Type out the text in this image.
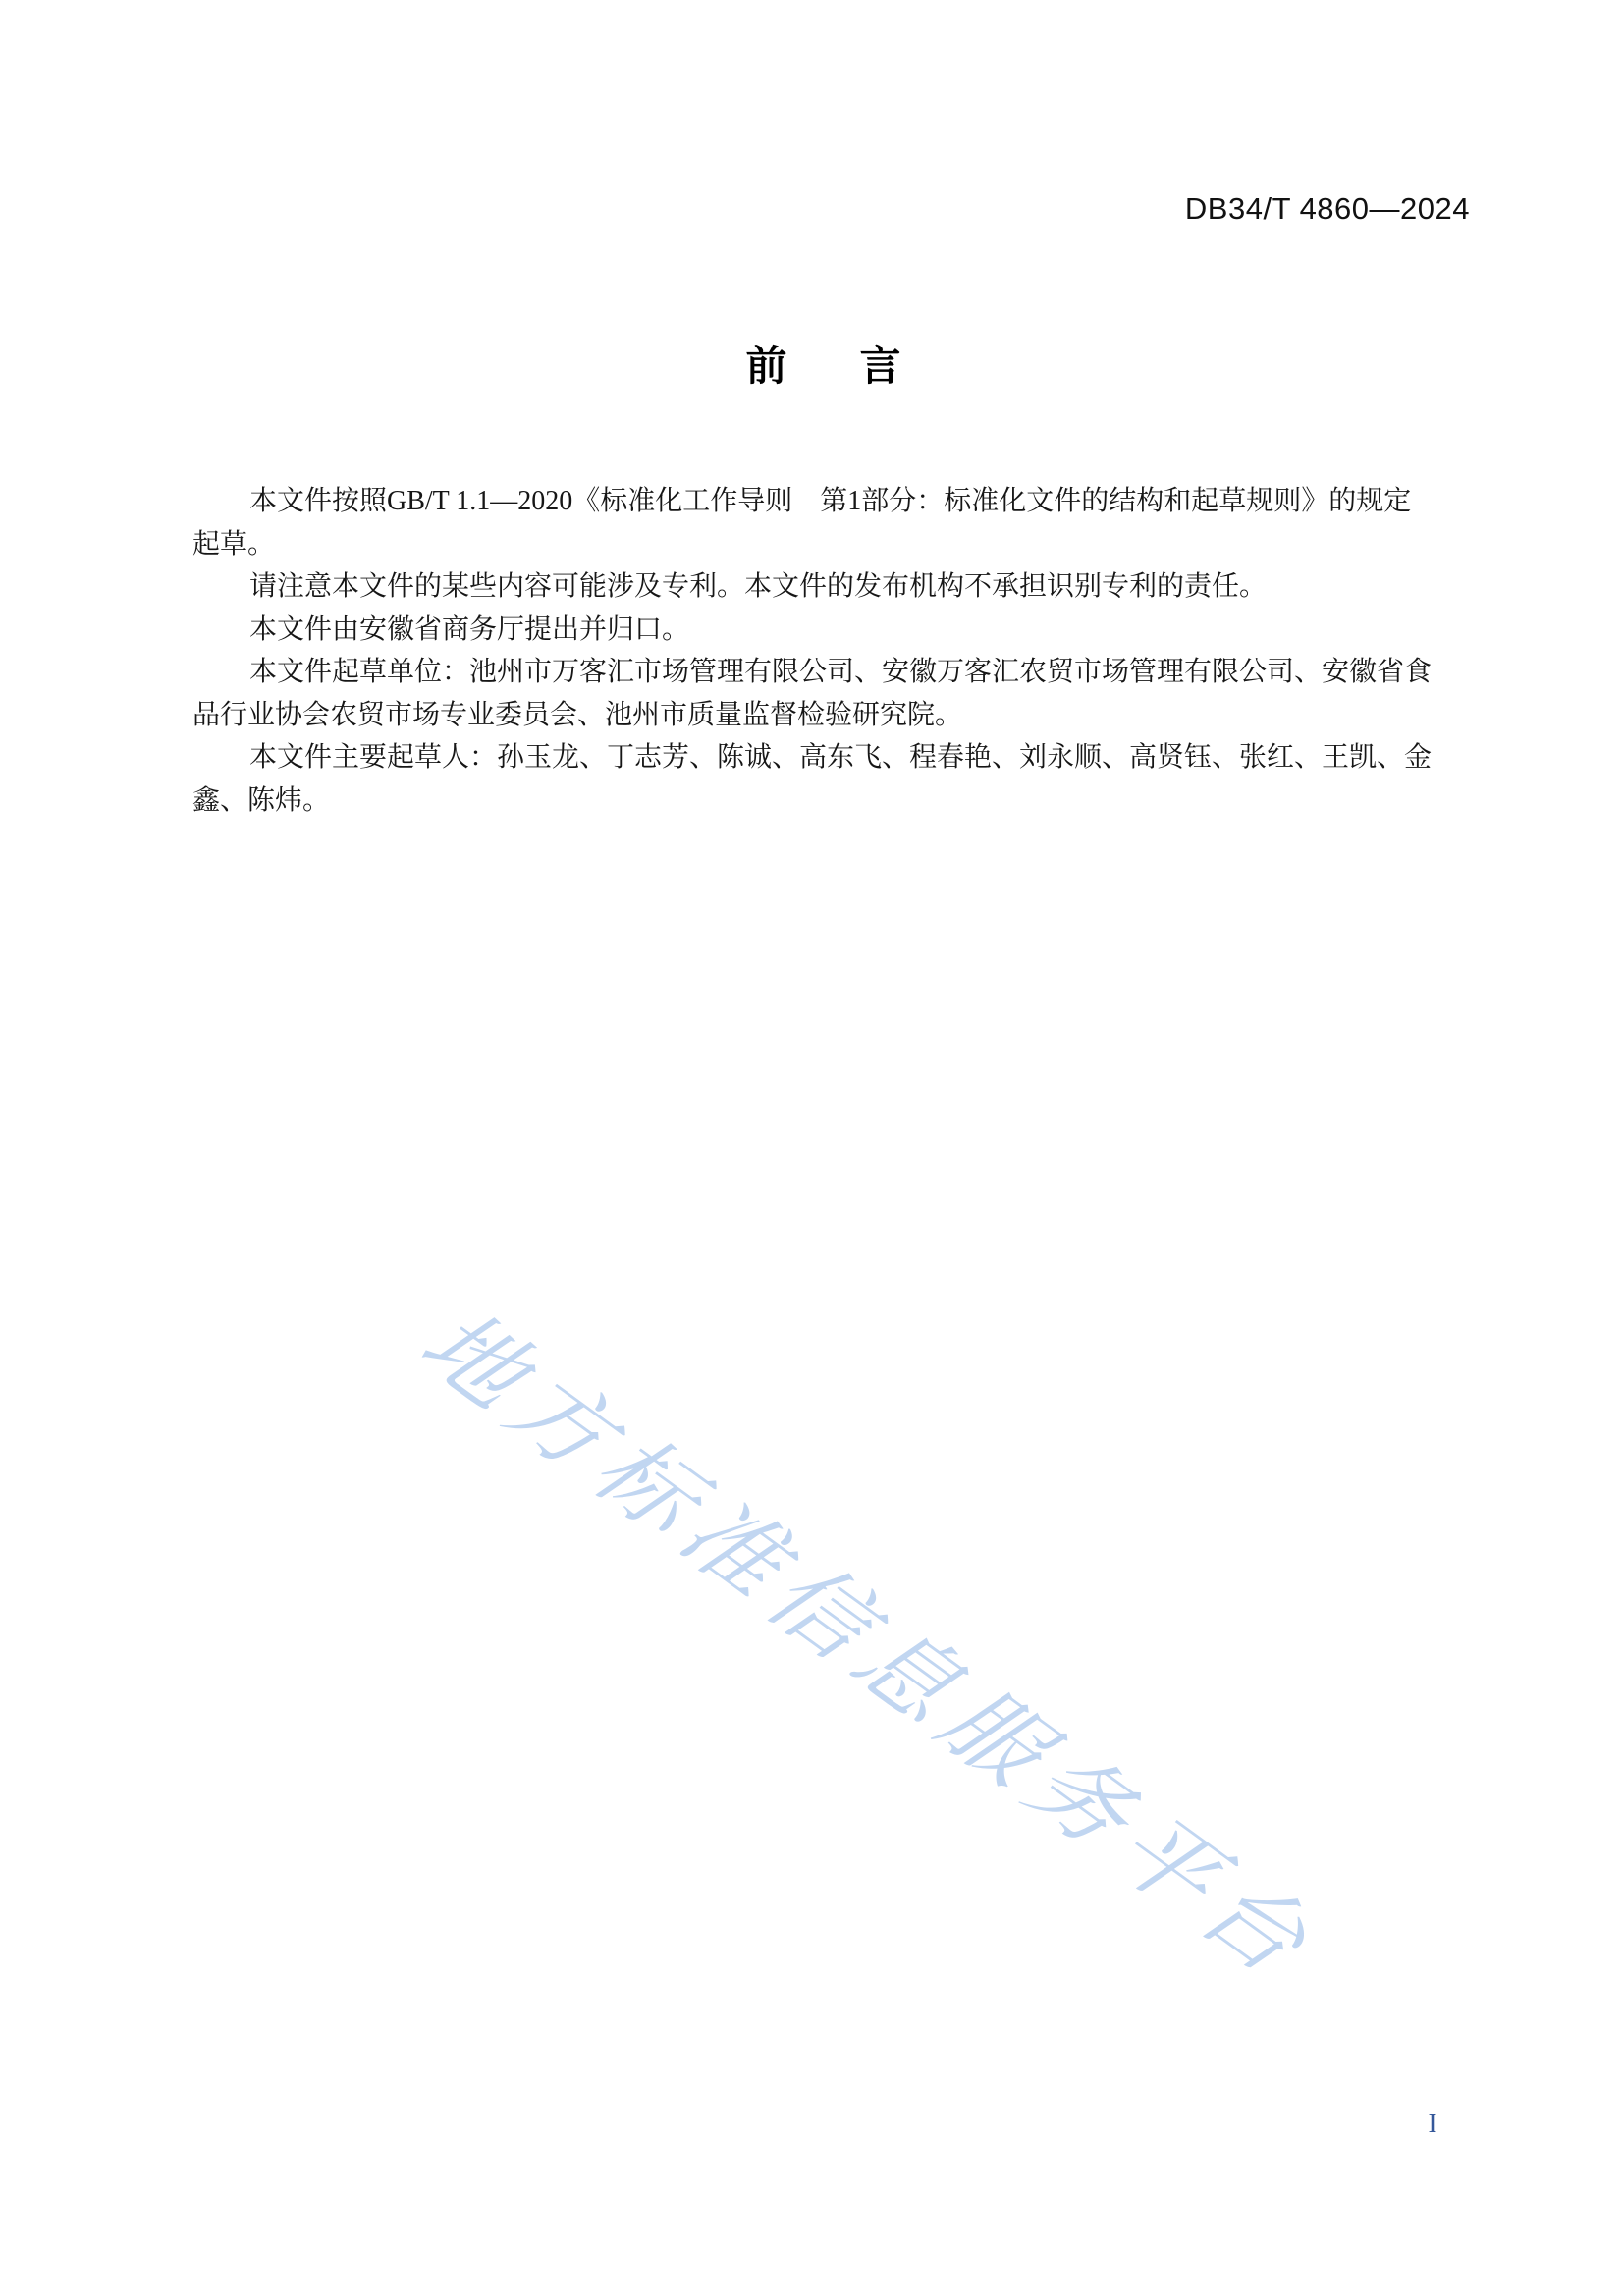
DB34/T 4860—2024
前　言
本文件按照GB/T 1.1—2020《标准化工作导则　第1部分：标准化文件的结构和起草规则》的规定
起草。
请注意本文件的某些内容可能涉及专利。本文件的发布机构不承担识别专利的责任。
本文件由安徽省商务厅提出并归口。
本文件起草单位：池州市万客汇市场管理有限公司、安徽万客汇农贸市场管理有限公司、安徽省食
品行业协会农贸市场专业委员会、池州市质量监督检验研究院。
本文件主要起草人：孙玉龙、丁志芳、陈诚、高东飞、程春艳、刘永顺、高贤钰、张红、王凯、金
鑫、陈炜。
地方标准信息服务平台
I
